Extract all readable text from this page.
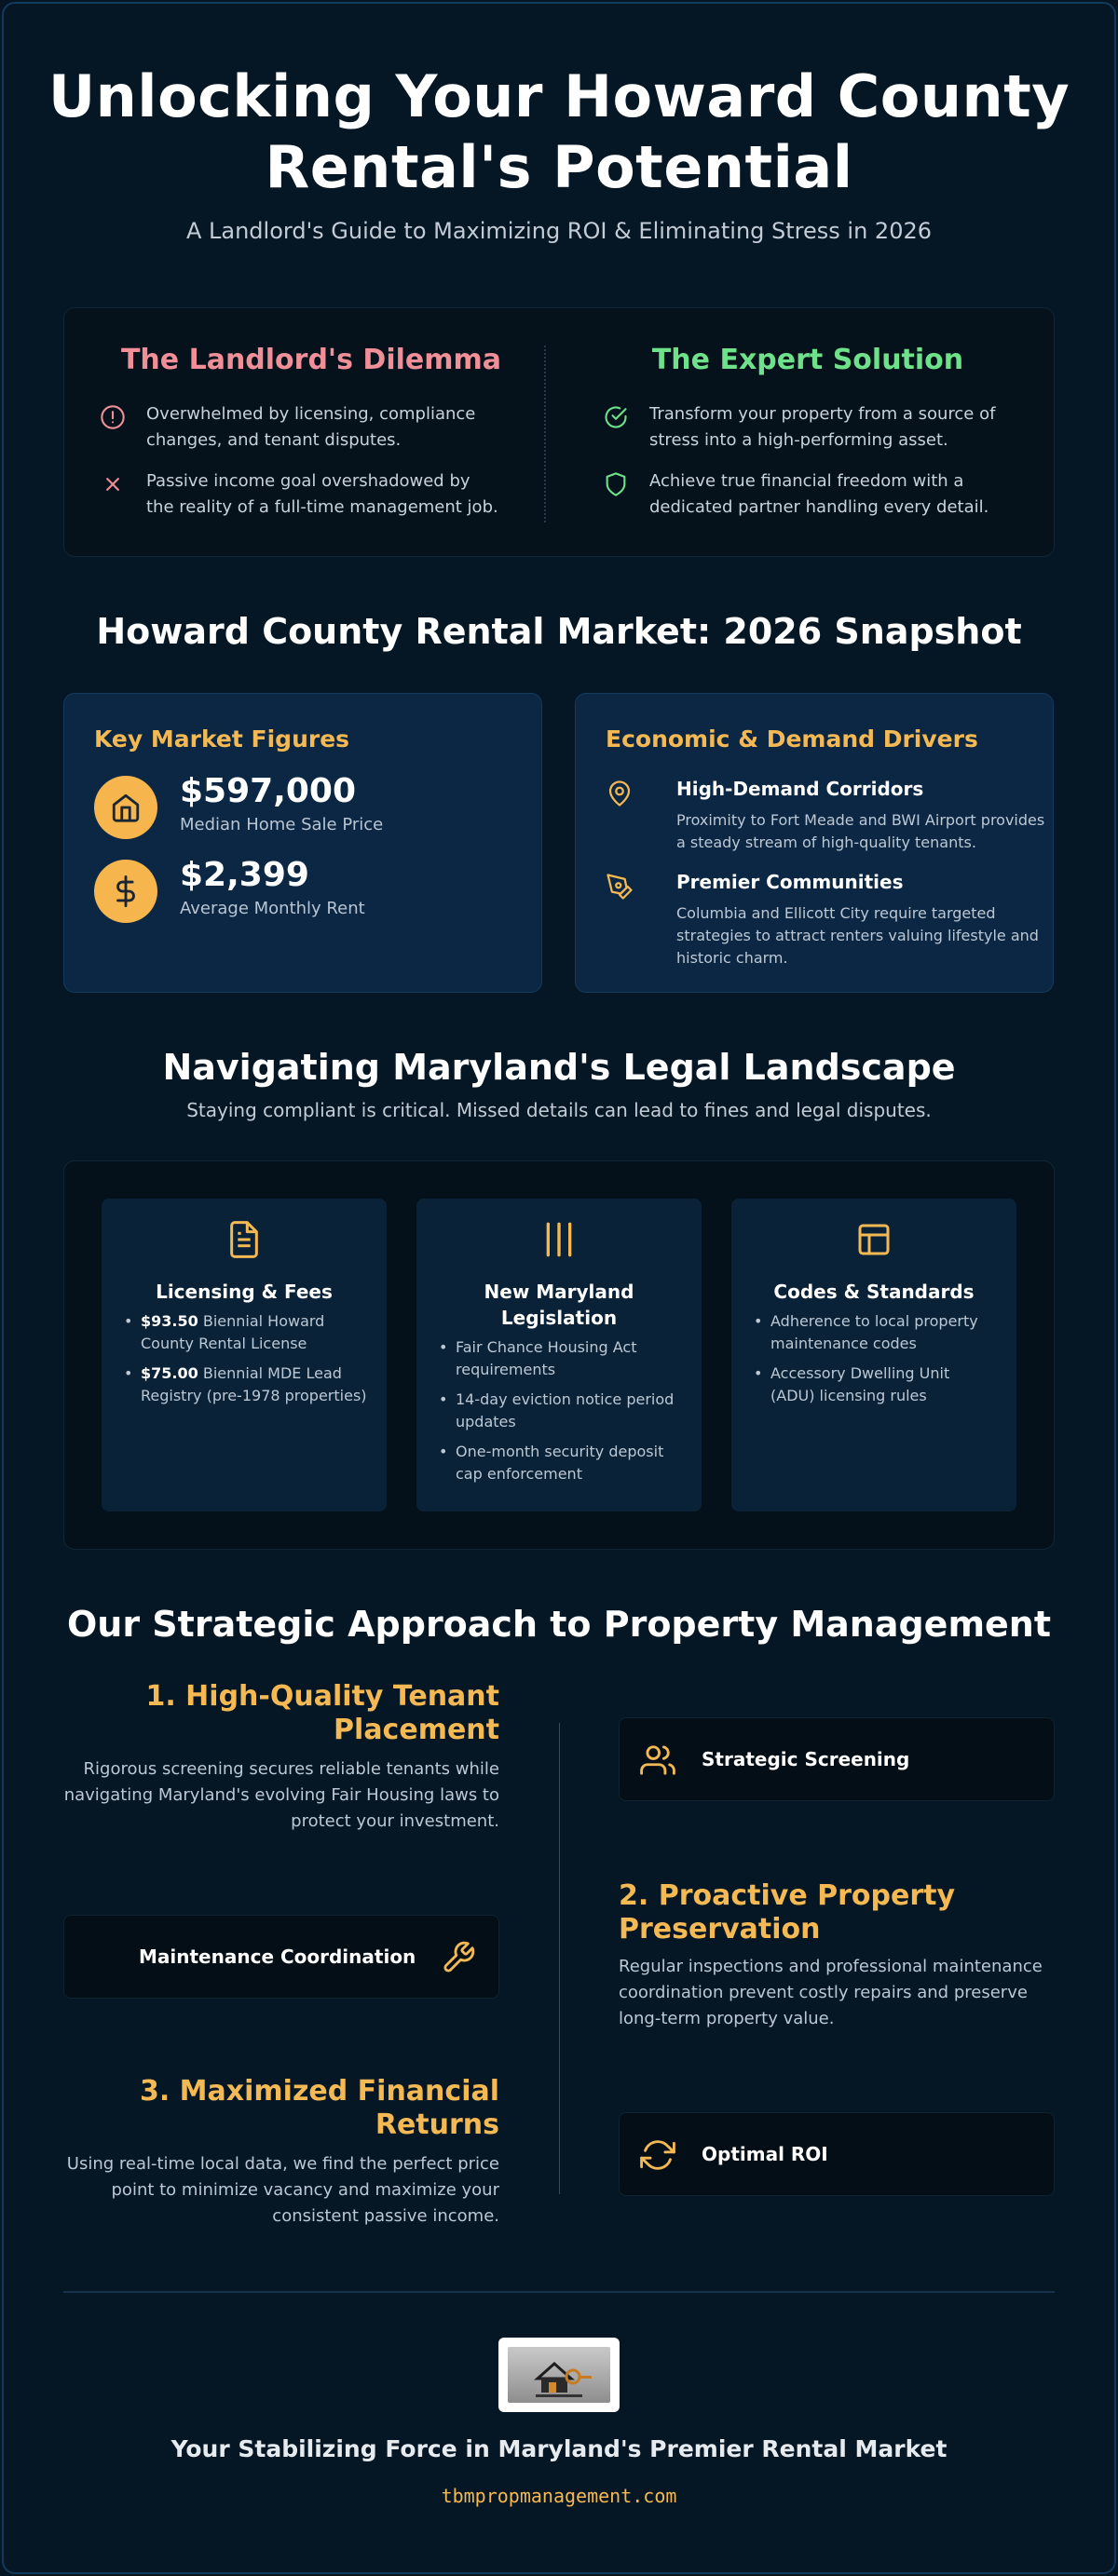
Unlocking Your Howard County
Rental's Potential
A Landlord's Guide to Maximizing ROI & Eliminating Stress in 2026
The Landlord's Dilemma	The Expert Solution
Overwhelmed by licensing, compliance changes, and tenant disputes.
Passive income goal overshadowed by the reality of a full-time management job.
Transform your property from a source of stress into a high-performing asset.
Achieve true financial freedom with a dedicated partner handling every detail.
Howard County Rental Market: 2026 Snapshot
Key Market Figures
$597,000
Median Home Sale Price
$2,399
Average Monthly Rent
Economic & Demand Drivers
High-Demand Corridors
Proximity to Fort Meade and BWI Airport provides a steady stream of high-quality tenants.
Premier Communities
Columbia and Ellicott City require targeted strategies to attract renters valuing lifestyle and historic charm.
Navigating Maryland's Legal Landscape
Staying compliant is critical. Missed details can lead to fines and legal disputes.
Licensing & Fees
• $93.50 Biennial Howard County Rental License
• $75.00 Biennial MDE Lead Registry (pre-1978 properties)
New Maryland Legislation
• Fair Chance Housing Act requirements
• 14-day eviction notice period updates
• One-month security deposit cap enforcement
Codes & Standards
• Adherence to local property maintenance codes
• Accessory Dwelling Unit (ADU) licensing rules
Our Strategic Approach to Property Management
1. High-Quality Tenant Placement
Rigorous screening secures reliable tenants while navigating Maryland's evolving Fair Housing laws to protect your investment.
Strategic Screening
2. Proactive Property Preservation
Regular inspections and professional maintenance coordination prevent costly repairs and preserve long-term property value.
Maintenance Coordination
3. Maximized Financial Returns
Using real-time local data, we find the perfect price point to minimize vacancy and maximize your consistent passive income.
Optimal ROI
Your Stabilizing Force in Maryland's Premier Rental Market
tbmpropmanagement.com
